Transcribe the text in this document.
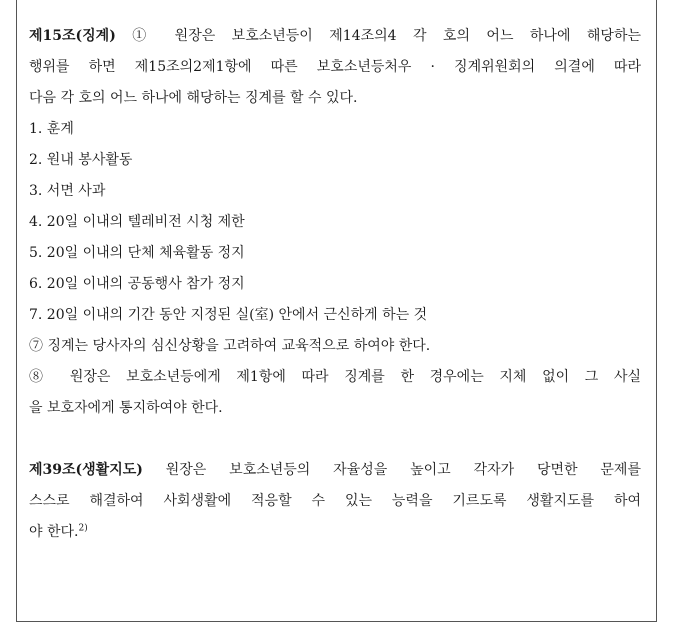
제15조(징계) ① 원장은 보호소년등이 제14조의4 각 호의 어느 하나에 해당하는
행위를 하면 제15조의2제1항에 따른 보호소년등처우 · 징계위원회의 의결에 따라
다음 각 호의 어느 하나에 해당하는 징계를 할 수 있다.
1. 훈계
2. 원내 봉사활동
3. 서면 사과
4. 20일 이내의 텔레비전 시청 제한
5. 20일 이내의 단체 체육활동 정지
6. 20일 이내의 공동행사 참가 정지
7. 20일 이내의 기간 동안 지정된 실(室) 안에서 근신하게 하는 것
⑦ 징계는 당사자의 심신상황을 고려하여 교육적으로 하여야 한다.
⑧ 원장은 보호소년등에게 제1항에 따라 징계를 한 경우에는 지체 없이 그 사실
을 보호자에게 통지하여야 한다.
제39조(생활지도) 원장은 보호소년등의 자율성을 높이고 각자가 당면한 문제를
스스로 해결하여 사회생활에 적응할 수 있는 능력을 기르도록 생활지도를 하여
야 한다.$^{2)}$
